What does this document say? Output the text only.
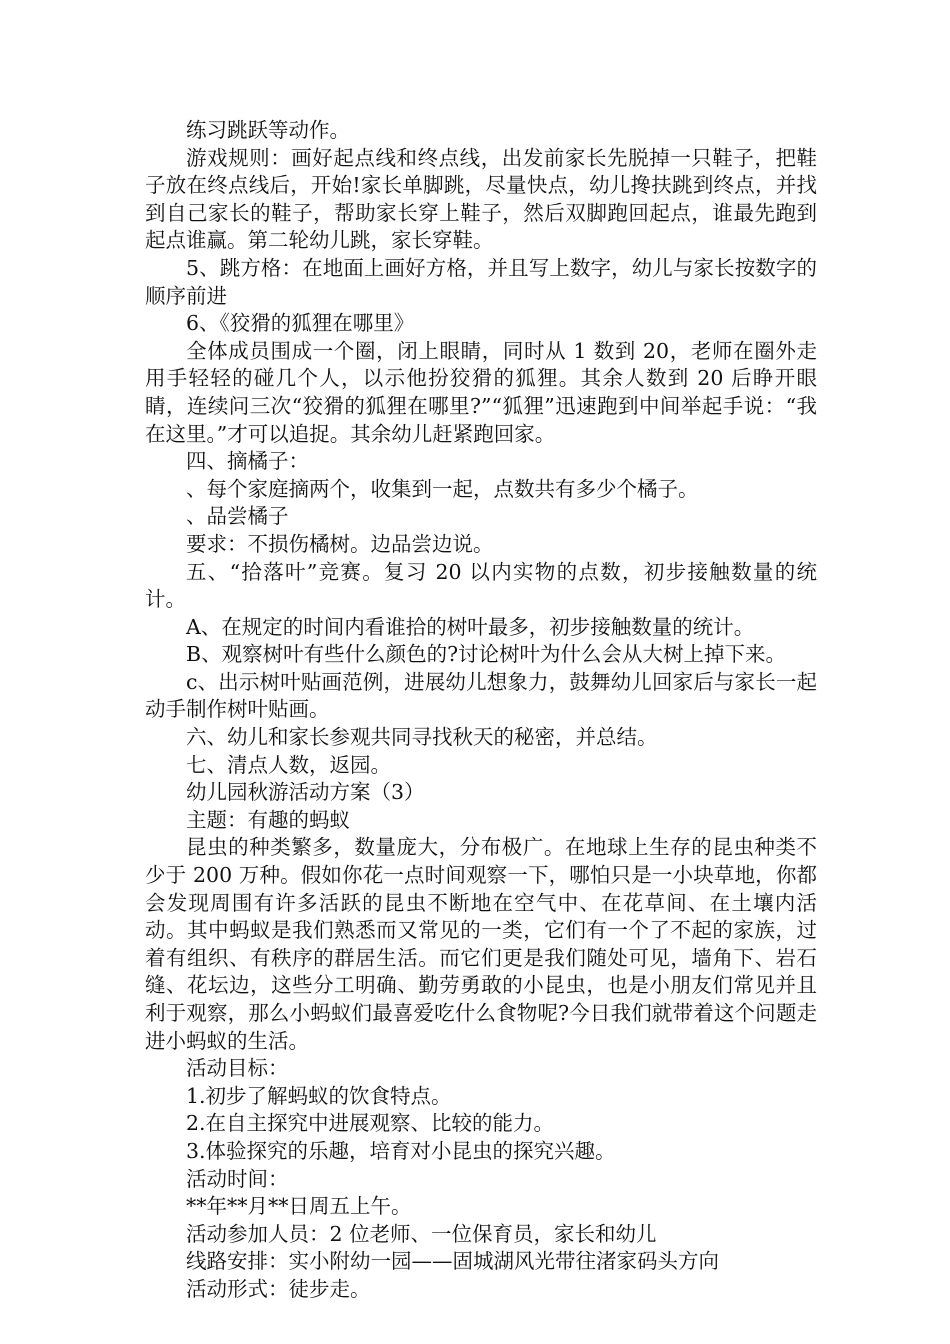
练习跳跃等动作。

游戏规则：画好起点线和终点线，出发前家长先脱掉一只鞋子，把鞋子放在终点线后，开始!家长单脚跳，尽量快点，幼儿搀扶跳到终点，并找到自己家长的鞋子，帮助家长穿上鞋子，然后双脚跑回起点，谁最先跑到起点谁赢。第二轮幼儿跳，家长穿鞋。

5、跳方格：在地面上画好方格，并且写上数字，幼儿与家长按数字的顺序前进

6、《狡猾的狐狸在哪里》

全体成员围成一个圈，闭上眼睛，同时从 1 数到 20，老师在圈外走用手轻轻的碰几个人，以示他扮狡猾的狐狸。其余人数到 20 后睁开眼睛，连续问三次“狡猾的狐狸在哪里?”“狐狸”迅速跑到中间举起手说：“我在这里。”才可以追捉。其余幼儿赶紧跑回家。

四、摘橘子：

、每个家庭摘两个，收集到一起，点数共有多少个橘子。

、品尝橘子

要求：不损伤橘树。边品尝边说。

五、“拾落叶”竞赛。复习 20 以内实物的点数，初步接触数量的统计。

A、在规定的时间内看谁拾的树叶最多，初步接触数量的统计。

B、观察树叶有些什么颜色的?讨论树叶为什么会从大树上掉下来。

c、出示树叶贴画范例，进展幼儿想象力，鼓舞幼儿回家后与家长一起动手制作树叶贴画。

六、幼儿和家长参观共同寻找秋天的秘密，并总结。

七、清点人数，返园。

幼儿园秋游活动方案（3）

主题：有趣的蚂蚁

昆虫的种类繁多，数量庞大，分布极广。在地球上生存的昆虫种类不少于 200 万种。假如你花一点时间观察一下，哪怕只是一小块草地，你都会发现周围有许多活跃的昆虫不断地在空气中、在花草间、在土壤内活动。其中蚂蚁是我们熟悉而又常见的一类，它们有一个了不起的家族，过着有组织、有秩序的群居生活。而它们更是我们随处可见，墙角下、岩石缝、花坛边，这些分工明确、勤劳勇敢的小昆虫，也是小朋友们常见并且利于观察，那么小蚂蚁们最喜爱吃什么食物呢?今日我们就带着这个问题走进小蚂蚁的生活。

活动目标：

1.初步了解蚂蚁的饮食特点。

2.在自主探究中进展观察、比较的能力。

3.体验探究的乐趣，培育对小昆虫的探究兴趣。

活动时间：

**年**月**日周五上午。

活动参加人员：2 位老师、一位保育员，家长和幼儿

线路安排：实小附幼一园——固城湖风光带往渚家码头方向

活动形式：徒步走。
